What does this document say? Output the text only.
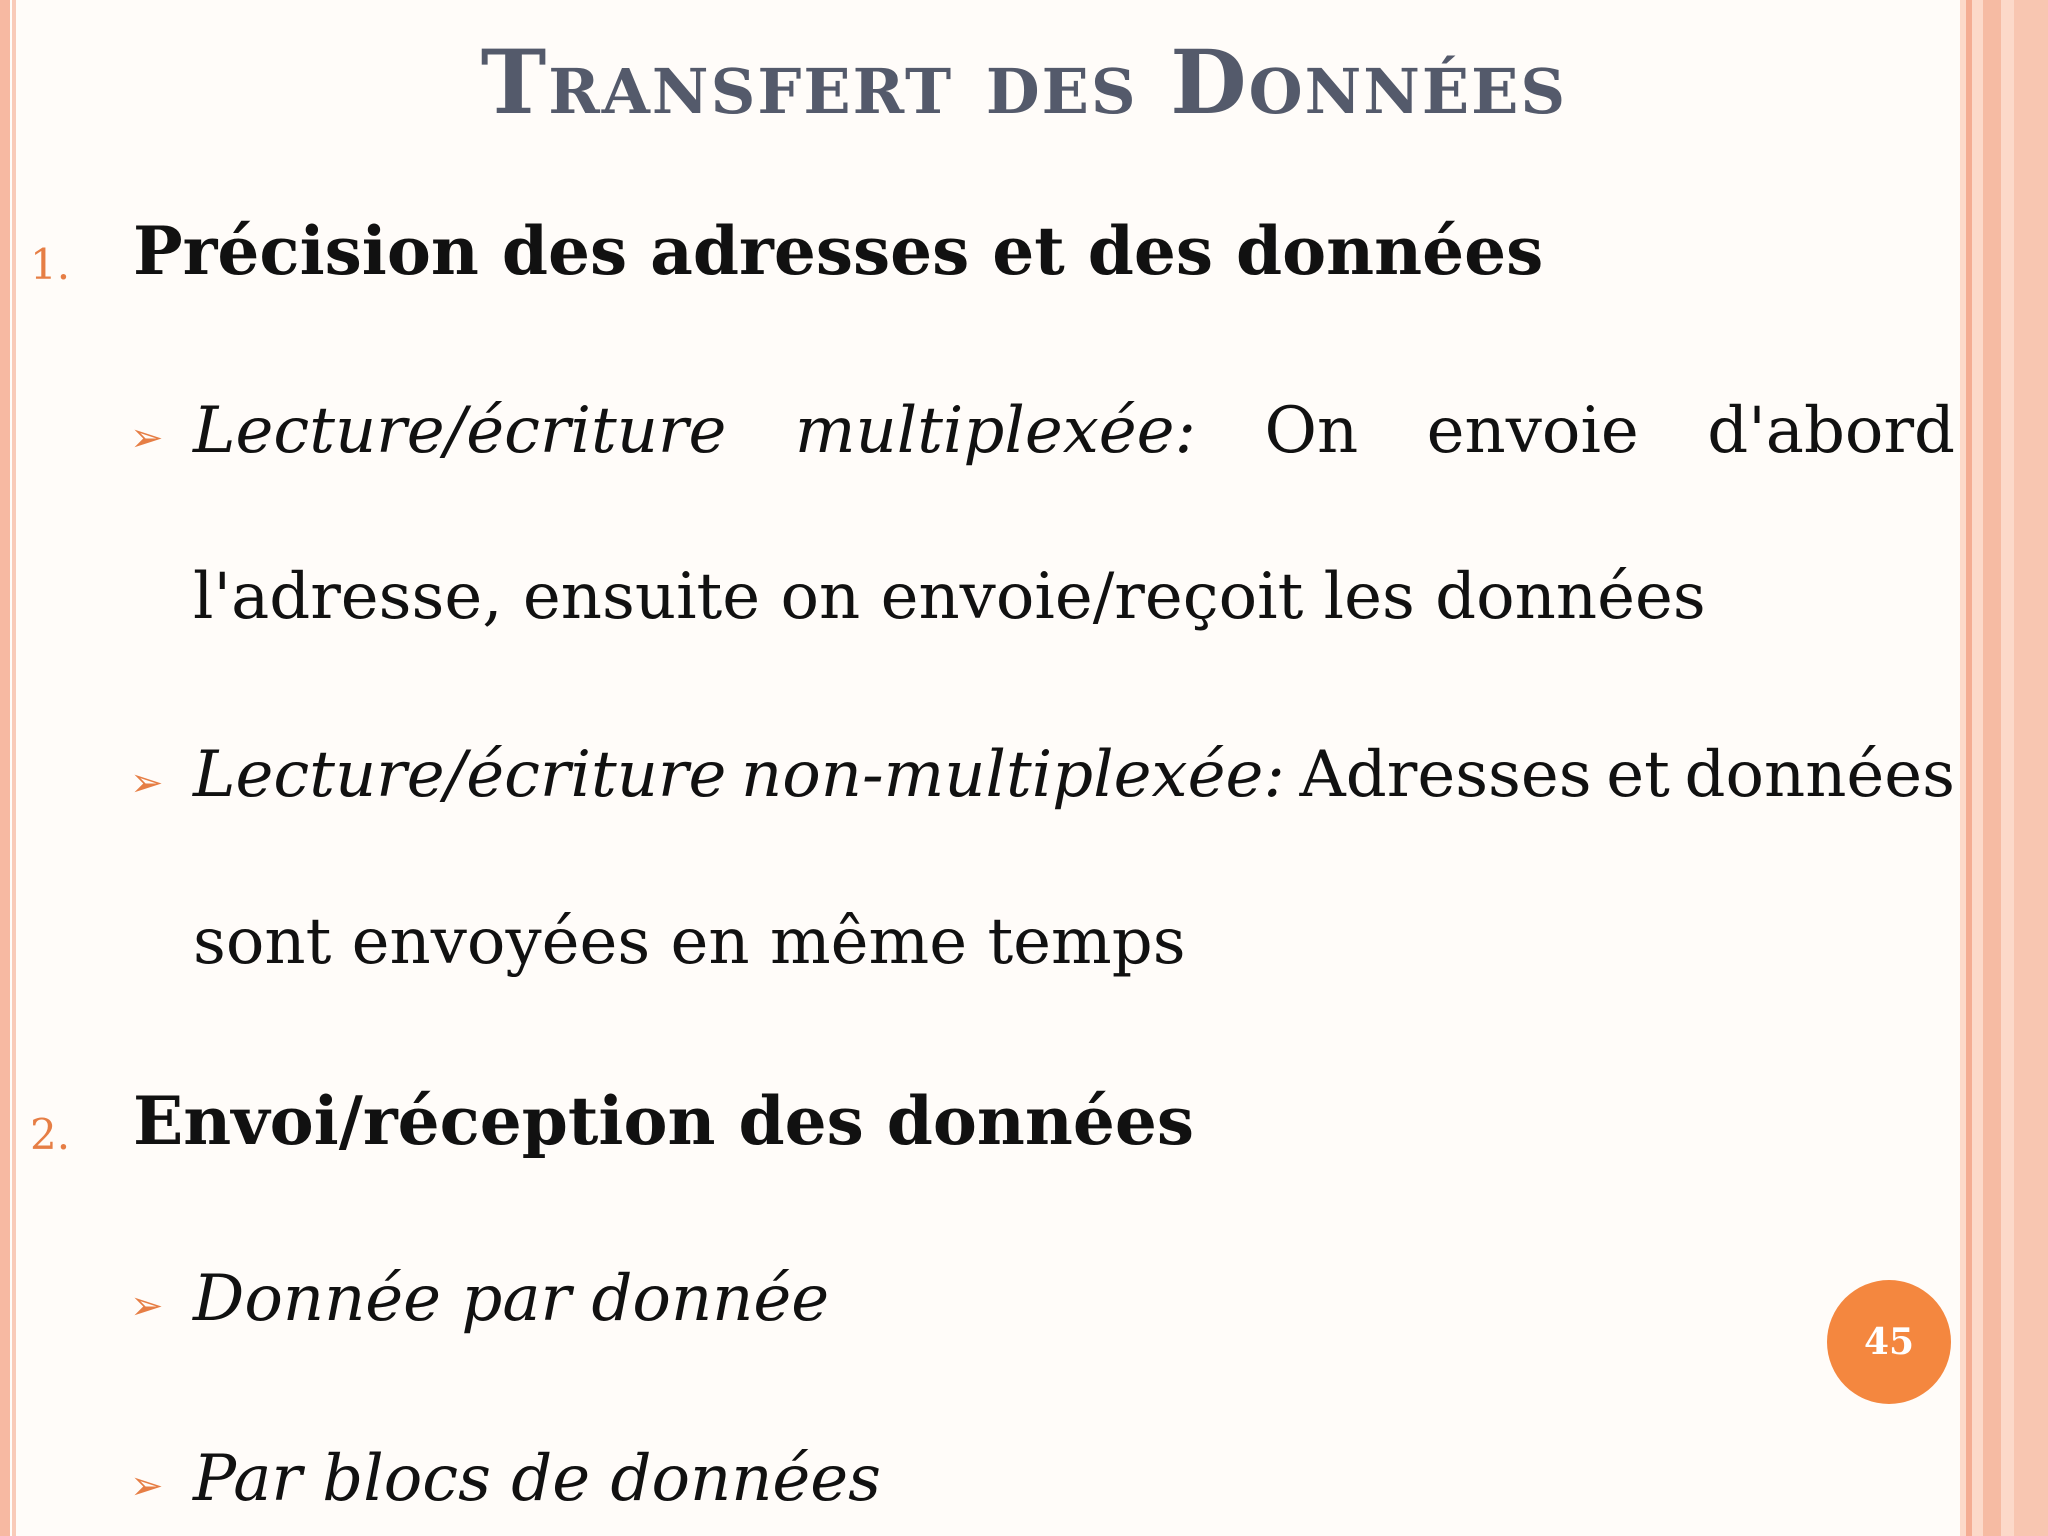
Transfert des Données
1. Précision des adresses et des données
➢ Lecture/écriture multiplexée: On envoie d'abord
l'adresse, ensuite on envoie/reçoit les données
➢ Lecture/écriture non-multiplexée: Adresses et données
sont envoyées en même temps
2. Envoi/réception des données
➢ Donnée par donnée
➢ Par blocs de données
45
